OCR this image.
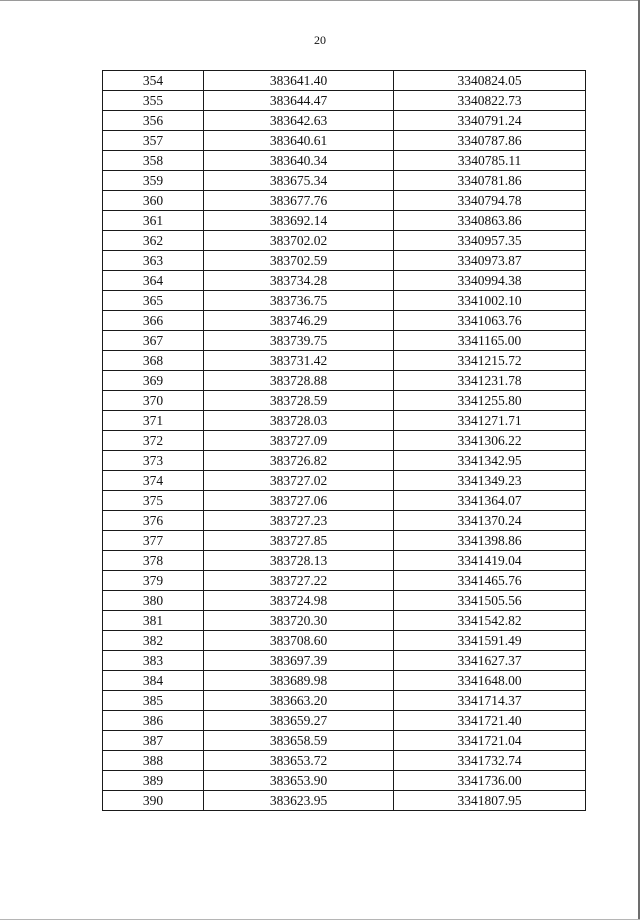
20
354	383641.40	3340824.05
355	383644.47	3340822.73
356	383642.63	3340791.24
357	383640.61	3340787.86
358	383640.34	3340785.11
359	383675.34	3340781.86
360	383677.76	3340794.78
361	383692.14	3340863.86
362	383702.02	3340957.35
363	383702.59	3340973.87
364	383734.28	3340994.38
365	383736.75	3341002.10
366	383746.29	3341063.76
367	383739.75	3341165.00
368	383731.42	3341215.72
369	383728.88	3341231.78
370	383728.59	3341255.80
371	383728.03	3341271.71
372	383727.09	3341306.22
373	383726.82	3341342.95
374	383727.02	3341349.23
375	383727.06	3341364.07
376	383727.23	3341370.24
377	383727.85	3341398.86
378	383728.13	3341419.04
379	383727.22	3341465.76
380	383724.98	3341505.56
381	383720.30	3341542.82
382	383708.60	3341591.49
383	383697.39	3341627.37
384	383689.98	3341648.00
385	383663.20	3341714.37
386	383659.27	3341721.40
387	383658.59	3341721.04
388	383653.72	3341732.74
389	383653.90	3341736.00
390	383623.95	3341807.95
